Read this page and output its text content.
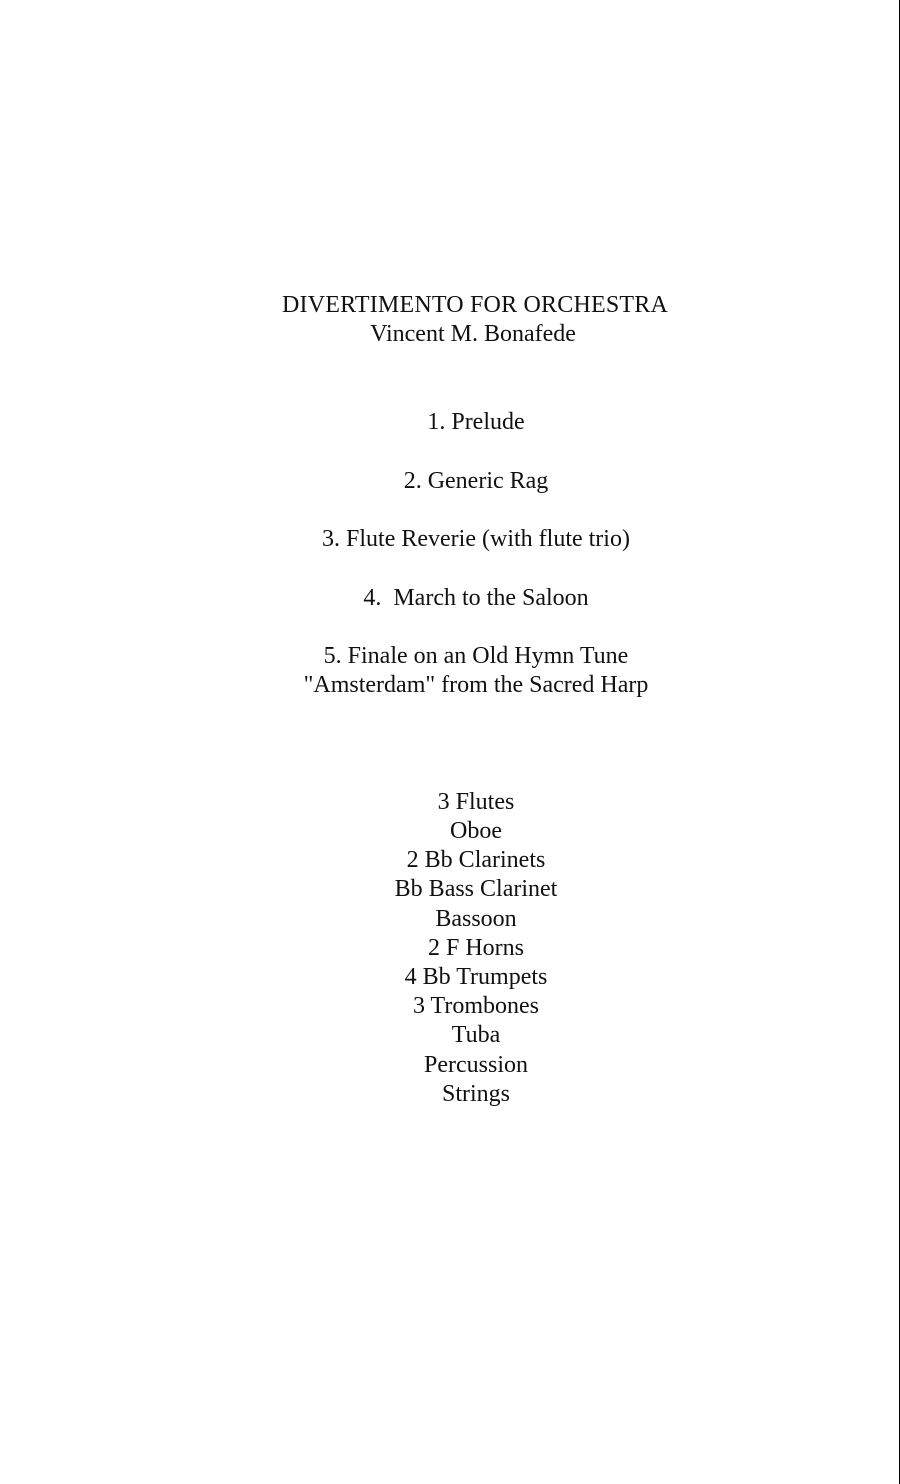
DIVERTIMENTO FOR ORCHESTRA
Vincent M. Bonafede
1. Prelude
2. Generic Rag
3. Flute Reverie (with flute trio)
4.  March to the Saloon
5. Finale on an Old Hymn Tune
"Amsterdam" from the Sacred Harp
3 Flutes
Oboe
2 Bb Clarinets
Bb Bass Clarinet
Bassoon
2 F Horns
4 Bb Trumpets
3 Trombones
Tuba
Percussion
Strings
